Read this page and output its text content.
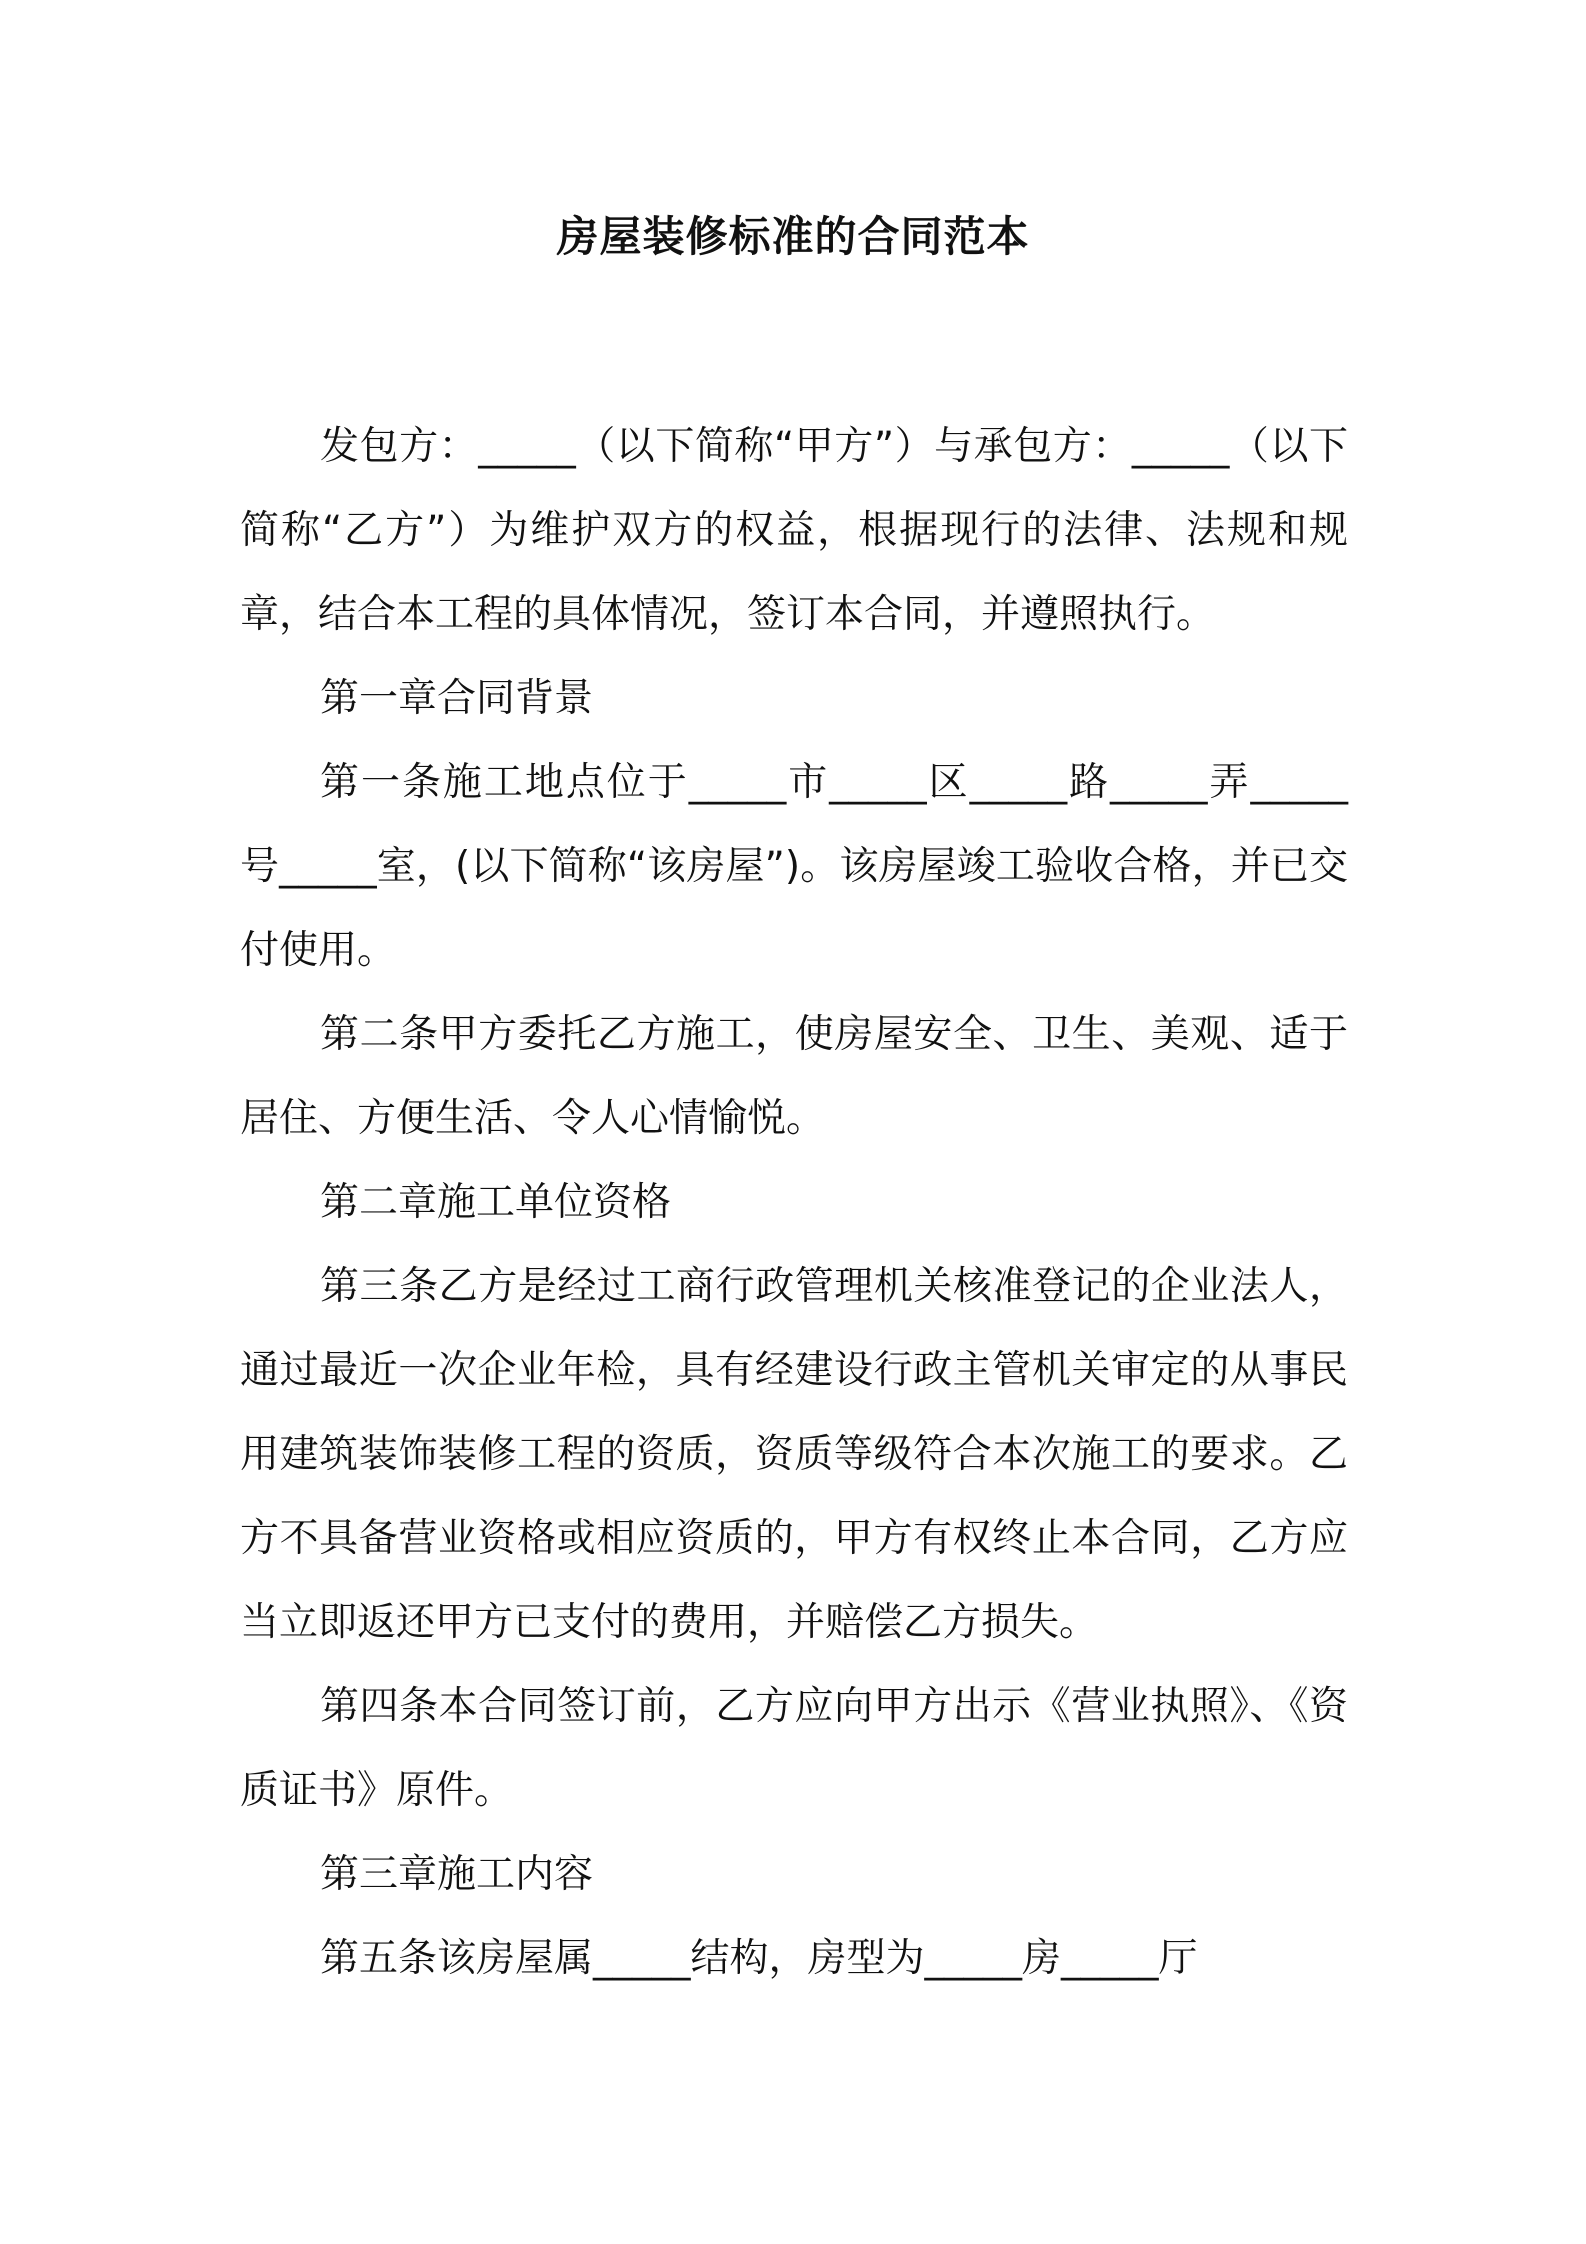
房屋装修标准的合同范本

发包方：_____（以下简称“甲方”）与承包方：_____（以下简称“乙方”）为维护双方的权益，根据现行的法律、法规和规章，结合本工程的具体情况，签订本合同，并遵照执行。

第一章合同背景

第一条施工地点位于_____市_____区_____路_____弄_____号_____室，(以下简称“该房屋”)。该房屋竣工验收合格，并已交付使用。

第二条甲方委托乙方施工，使房屋安全、卫生、美观、适于居住、方便生活、令人心情愉悦。

第二章施工单位资格

第三条乙方是经过工商行政管理机关核准登记的企业法人，通过最近一次企业年检，具有经建设行政主管机关审定的从事民用建筑装饰装修工程的资质，资质等级符合本次施工的要求。乙方不具备营业资格或相应资质的，甲方有权终止本合同，乙方应当立即返还甲方已支付的费用，并赔偿乙方损失。

第四条本合同签订前，乙方应向甲方出示《营业执照》、《资质证书》原件。

第三章施工内容

第五条该房屋属_____结构，房型为_____房_____厅
